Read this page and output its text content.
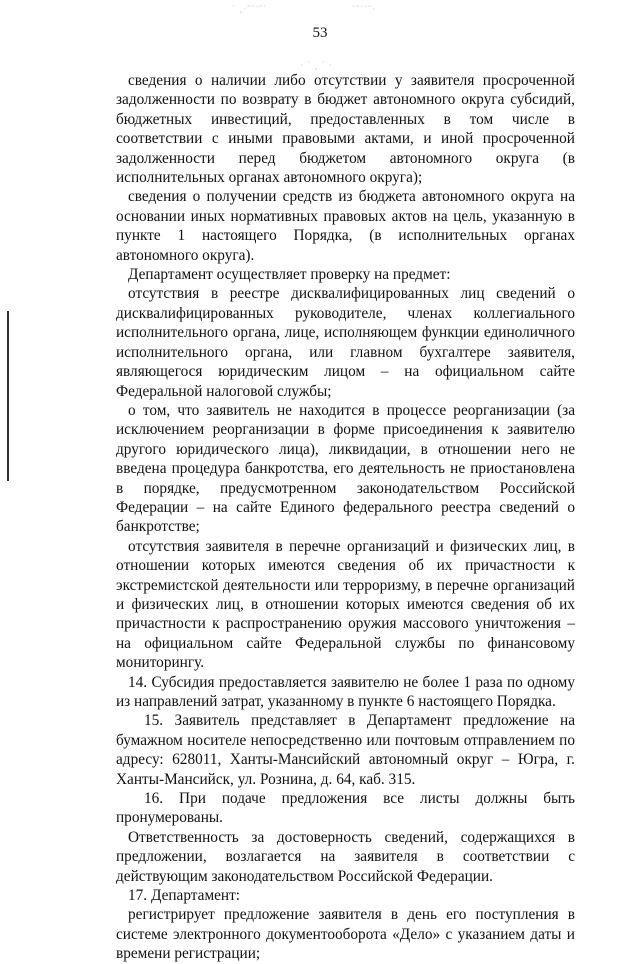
˙ ‚·ˆ˜¨˝˙	˜ˆ˙¨˝·
· ˙ ¸ ˙ ·
53

сведения о наличии либо отсутствии у заявителя просроченной задолженности по возврату в бюджет автономного округа субсидий, бюджетных инвестиций, предоставленных в том числе в соответствии с иными правовыми актами, и иной просроченной задолженности перед бюджетом автономного округа (в исполнительных органах автономного округа);

сведения о получении средств из бюджета автономного округа на основании иных нормативных правовых актов на цель, указанную в пункте 1 настоящего Порядка, (в исполнительных органах автономного округа).

Департамент осуществляет проверку на предмет:

отсутствия в реестре дисквалифицированных лиц сведений о дисквалифицированных руководителе, членах коллегиального исполнительного органа, лице, исполняющем функции единоличного исполнительного органа, или главном бухгалтере заявителя, являющегося юридическим лицом – на официальном сайте Федеральной налоговой службы;

о том, что заявитель не находится в процессе реорганизации (за исключением реорганизации в форме присоединения к заявителю другого юридического лица), ликвидации, в отношении него не введена процедура банкротства, его деятельность не приостановлена в порядке, предусмотренном законодательством Российской Федерации – на сайте Единого федерального реестра сведений о банкротстве;

отсутствия заявителя в перечне организаций и физических лиц, в отношении которых имеются сведения об их причастности к экстремистской деятельности или терроризму, в перечне организаций и физических лиц, в отношении которых имеются сведения об их причастности к распространению оружия массового уничтожения – на официальном сайте Федеральной службы по финансовому мониторингу.

14. Субсидия предоставляется заявителю не более 1 раза по одному из направлений затрат, указанному в пункте 6 настоящего Порядка.

15. Заявитель представляет в Департамент предложение на бумажном носителе непосредственно или почтовым отправлением по адресу: 628011, Ханты-Мансийский автономный округ – Югра, г. Ханты-Мансийск, ул. Рознина, д. 64, каб. 315.

16. При подаче предложения все листы должны быть пронумерованы.

Ответственность за достоверность сведений, содержащихся в предложении, возлагается на заявителя в соответствии с действующим законодательством Российской Федерации.

17. Департамент:

регистрирует предложение заявителя в день его поступления в системе электронного документооборота «Дело» с указанием даты и времени регистрации;
